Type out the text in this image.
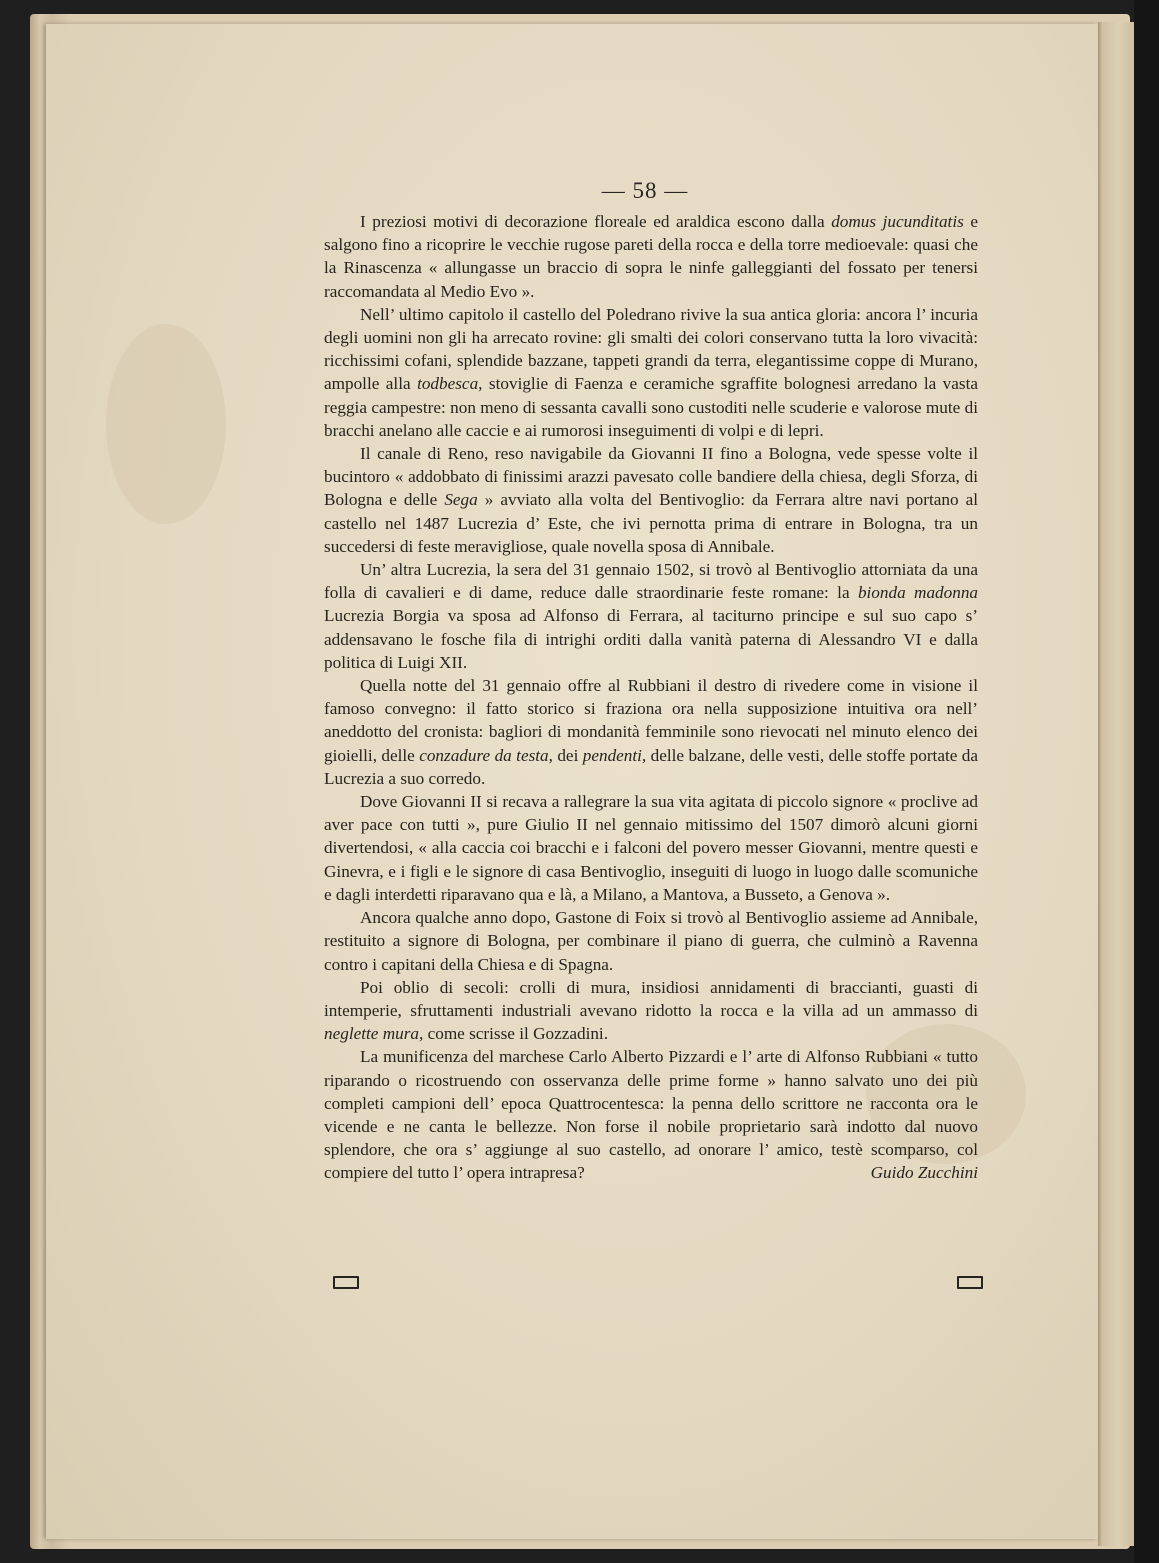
— 58 —

I preziosi motivi di decorazione floreale ed araldica escono dalla domus jucunditatis e salgono fino a ricoprire le vecchie rugose pareti della rocca e della torre medioevale: quasi che la Rinascenza « allungasse un braccio di sopra le ninfe galleggianti del fossato per tenersi raccomandata al Medio Evo ».

Nell’ ultimo capitolo il castello del Poledrano rivive la sua antica gloria: ancora l’ incuria degli uomini non gli ha arrecato rovine: gli smalti dei colori conservano tutta la loro vivacità: ricchissimi cofani, splendide bazzane, tappeti grandi da terra, elegantissime coppe di Murano, ampolle alla todbesca, stoviglie di Faenza e ceramiche sgraffite bolognesi arredano la vasta reggia campestre: non meno di sessanta cavalli sono custoditi nelle scuderie e valorose mute di bracchi anelano alle caccie e ai rumorosi inseguimenti di volpi e di lepri.

Il canale di Reno, reso navigabile da Giovanni II fino a Bologna, vede spesse volte il bucintoro « addobbato di finissimi arazzi pavesato colle bandiere della chiesa, degli Sforza, di Bologna e delle Sega » avviato alla volta del Bentivoglio: da Ferrara altre navi portano al castello nel 1487 Lucrezia d’ Este, che ivi pernotta prima di entrare in Bologna, tra un succedersi di feste meravigliose, quale novella sposa di Annibale.

Un’ altra Lucrezia, la sera del 31 gennaio 1502, si trovò al Bentivoglio attorniata da una folla di cavalieri e di dame, reduce dalle straordinarie feste romane: la bionda madonna Lucrezia Borgia va sposa ad Alfonso di Ferrara, al taciturno principe e sul suo capo s’ addensavano le fosche fila di intrighi orditi dalla vanità paterna di Alessandro VI e dalla politica di Luigi XII.

Quella notte del 31 gennaio offre al Rubbiani il destro di rivedere come in visione il famoso convegno: il fatto storico si fraziona ora nella supposizione intuitiva ora nell’ aneddotto del cronista: bagliori di mondanità femminile sono rievocati nel minuto elenco dei gioielli, delle conzadure da testa, dei pendenti, delle balzane, delle vesti, delle stoffe portate da Lucrezia a suo corredo.

Dove Giovanni II si recava a rallegrare la sua vita agitata di piccolo signore « proclive ad aver pace con tutti », pure Giulio II nel gennaio mitissimo del 1507 dimorò alcuni giorni divertendosi, « alla caccia coi bracchi e i falconi del povero messer Giovanni, mentre questi e Ginevra, e i figli e le signore di casa Bentivoglio, inseguiti di luogo in luogo dalle scomuniche e dagli interdetti riparavano qua e là, a Milano, a Mantova, a Busseto, a Genova ».

Ancora qualche anno dopo, Gastone di Foix si trovò al Bentivoglio assieme ad Annibale, restituito a signore di Bologna, per combinare il piano di guerra, che culminò a Ravenna contro i capitani della Chiesa e di Spagna.

Poi oblio di secoli: crolli di mura, insidiosi annidamenti di braccianti, guasti di intemperie, sfruttamenti industriali avevano ridotto la rocca e la villa ad un ammasso di neglette mura, come scrisse il Gozzadini.

La munificenza del marchese Carlo Alberto Pizzardi e l’ arte di Alfonso Rubbiani « tutto riparando o ricostruendo con osservanza delle prime forme » hanno salvato uno dei più completi campioni dell’ epoca Quattrocentesca: la penna dello scrittore ne racconta ora le vicende e ne canta le bellezze. Non forse il nobile proprietario sarà indotto dal nuovo splendore, che ora s’ aggiunge al suo castello, ad onorare l’ amico, testè scomparso, col compiere del tutto l’ opera intrapresa?	Guido Zucchini
